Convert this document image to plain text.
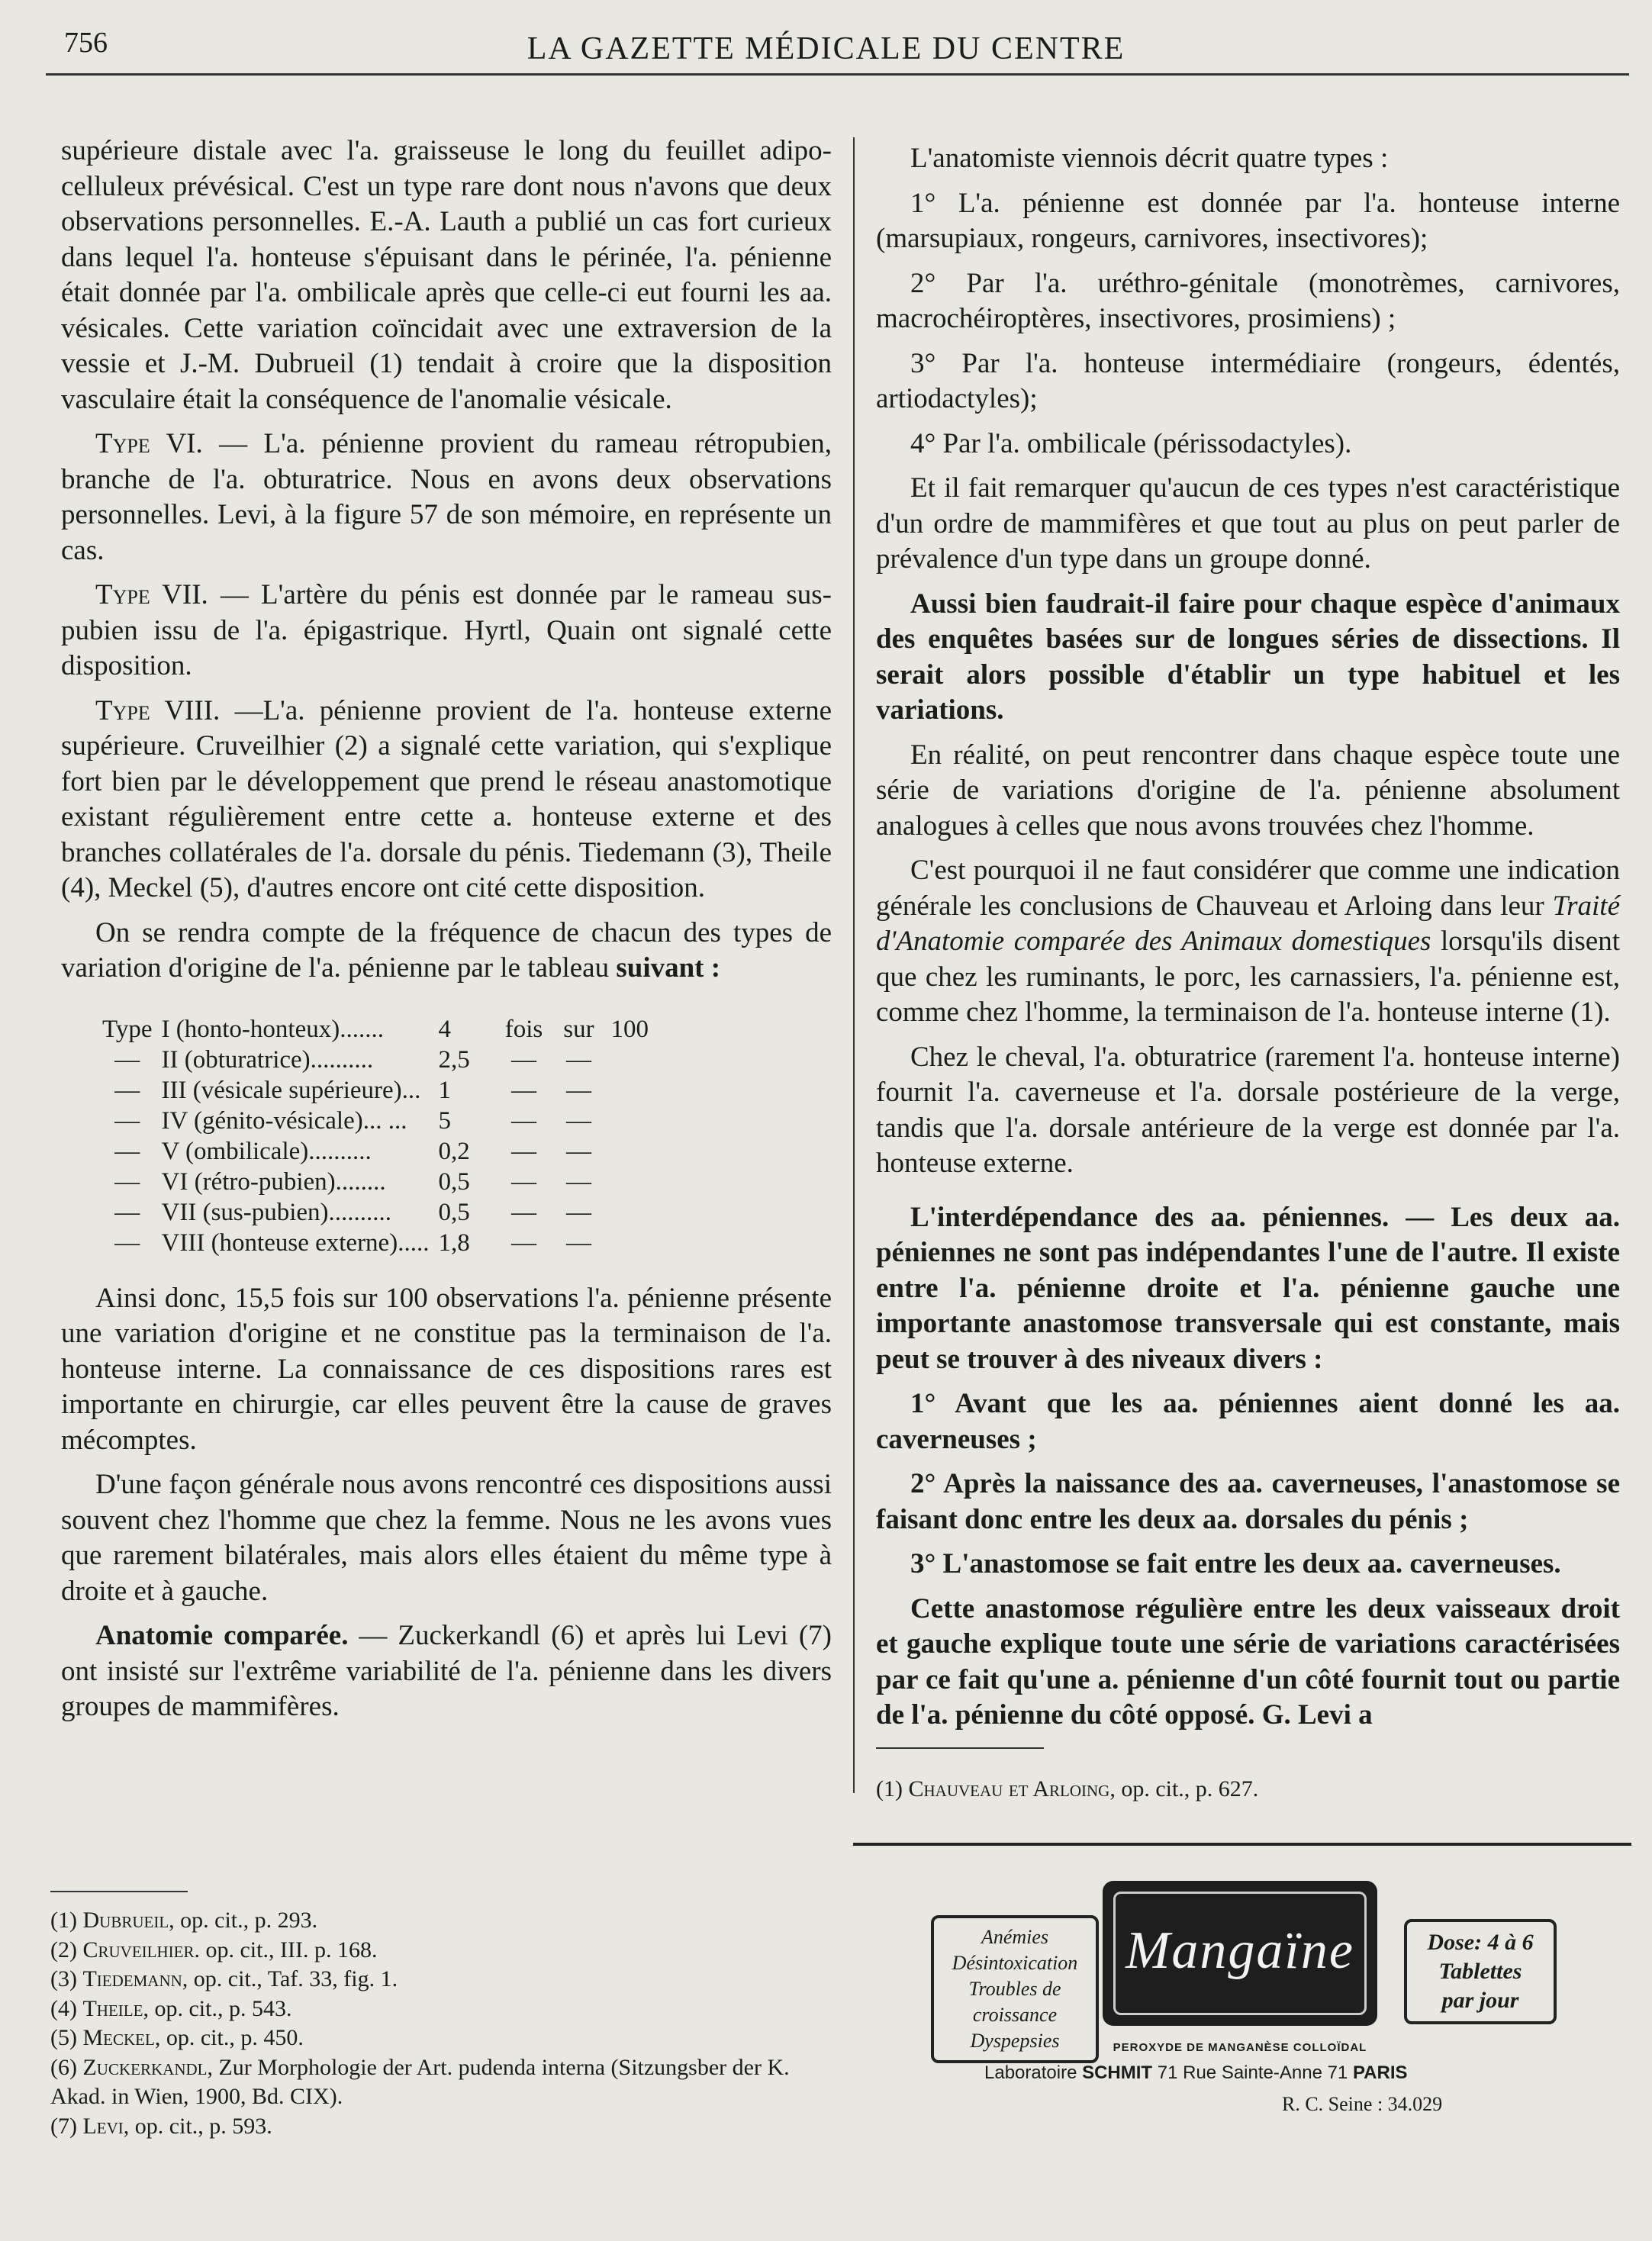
756	LA GAZETTE MÉDICALE DU CENTRE

supérieure distale avec l'a. graisseuse le long du feuillet adipo-celluleux prévésical. C'est un type rare dont nous n'avons que deux observations personnelles. E.-A. Lauth a publié un cas fort curieux dans lequel l'a. honteuse s'épuisant dans le périnée, l'a. pénienne était donnée par l'a. ombilicale après que celle-ci eut fourni les aa. vésicales. Cette variation coïncidait avec une extraversion de la vessie et J.-M. Dubrueil (1) tendait à croire que la disposition vasculaire était la conséquence de l'anomalie vésicale.

Type VI. — L'a. pénienne provient du rameau rétropubien, branche de l'a. obturatrice. Nous en avons deux observations personnelles. Levi, à la figure 57 de son mémoire, en représente un cas.

Type VII. — L'artère du pénis est donnée par le rameau sus-pubien issu de l'a. épigastrique. Hyrtl, Quain ont signalé cette disposition.

Type VIII. —L'a. pénienne provient de l'a. honteuse externe supérieure. Cruveilhier (2) a signalé cette variation, qui s'explique fort bien par le développement que prend le réseau anastomotique existant régulièrement entre cette a. honteuse externe et des branches collatérales de l'a. dorsale du pénis. Tiedemann (3), Theile (4), Meckel (5), d'autres encore ont cité cette disposition.

On se rendra compte de la fréquence de chacun des types de variation d'origine de l'a. pénienne par le tableau suivant :

Type	I (honto-honteux).......	4	fois	sur	100
—	II (obturatrice)..........	2,5	—	—	
—	III (vésicale supérieure)...	1	—	—	
—	IV (génito-vésicale)... ...	5	—	—	
—	V (ombilicale)..........	0,2	—	—	
—	VI (rétro-pubien)........	0,5	—	—	
—	VII (sus-pubien)..........	0,5	—	—	
—	VIII (honteuse externe).....	1,8	—	—	

Ainsi donc, 15,5 fois sur 100 observations l'a. pénienne présente une variation d'origine et ne constitue pas la terminaison de l'a. honteuse interne. La connaissance de ces dispositions rares est importante en chirurgie, car elles peuvent être la cause de graves mécomptes.

D'une façon générale nous avons rencontré ces dispositions aussi souvent chez l'homme que chez la femme. Nous ne les avons vues que rarement bilatérales, mais alors elles étaient du même type à droite et à gauche.

Anatomie comparée. — Zuckerkandl (6) et après lui Levi (7) ont insisté sur l'extrême variabilité de l'a. pénienne dans les divers groupes de mammifères.

(1) Dubrueil, op. cit., p. 293.
(2) Cruveilhier. op. cit., III. p. 168.
(3) Tiedemann, op. cit., Taf. 33, fig. 1.
(4) Theile, op. cit., p. 543.
(5) Meckel, op. cit., p. 450.
(6) Zuckerkandl, Zur Morphologie der Art. pudenda interna (Sitzungsber der K. Akad. in Wien, 1900, Bd. CIX).
(7) Levi, op. cit., p. 593.

L'anatomiste viennois décrit quatre types :

1° L'a. pénienne est donnée par l'a. honteuse interne (marsupiaux, rongeurs, carnivores, insectivores);

2° Par l'a. uréthro-génitale (monotrèmes, carnivores, macrochéiroptères, insectivores, prosimiens) ;

3° Par l'a. honteuse intermédiaire (rongeurs, édentés, artiodactyles);

4° Par l'a. ombilicale (périssodactyles).

Et il fait remarquer qu'aucun de ces types n'est caractéristique d'un ordre de mammifères et que tout au plus on peut parler de prévalence d'un type dans un groupe donné.

Aussi bien faudrait-il faire pour chaque espèce d'animaux des enquêtes basées sur de longues séries de dissections. Il serait alors possible d'établir un type habituel et les variations.

En réalité, on peut rencontrer dans chaque espèce toute une série de variations d'origine de l'a. pénienne absolument analogues à celles que nous avons trouvées chez l'homme.

C'est pourquoi il ne faut considérer que comme une indication générale les conclusions de Chauveau et Arloing dans leur Traité d'Anatomie comparée des Animaux domestiques lorsqu'ils disent que chez les ruminants, le porc, les carnassiers, l'a. pénienne est, comme chez l'homme, la terminaison de l'a. honteuse interne (1).

Chez le cheval, l'a. obturatrice (rarement l'a. honteuse interne) fournit l'a. caverneuse et l'a. dorsale postérieure de la verge, tandis que l'a. dorsale antérieure de la verge est donnée par l'a. honteuse externe.

L'interdépendance des aa. péniennes. — Les deux aa. péniennes ne sont pas indépendantes l'une de l'autre. Il existe entre l'a. pénienne droite et l'a. pénienne gauche une importante anastomose transversale qui est constante, mais peut se trouver à des niveaux divers :

1° Avant que les aa. péniennes aient donné les aa. caverneuses ;

2° Après la naissance des aa. caverneuses, l'anastomose se faisant donc entre les deux aa. dorsales du pénis ;

3° L'anastomose se fait entre les deux aa. caverneuses.

Cette anastomose régulière entre les deux vaisseaux droit et gauche explique toute une série de variations caractérisées par ce fait qu'une a. pénienne d'un côté fournit tout ou partie de l'a. pénienne du côté opposé. G. Levi a

(1) Chauveau et Arloing, op. cit., p. 627.
Anémies
Désintoxication
Troubles de croissance
Dyspepsies
Mangaïne	Dose: 4 à 6
Tablettes
par jour
PEROXYDE DE MANGANÈSE COLLOÏDAL
Laboratoire SCHMIT 71 Rue Sainte-Anne 71 PARIS
R. C. Seine : 34.029
